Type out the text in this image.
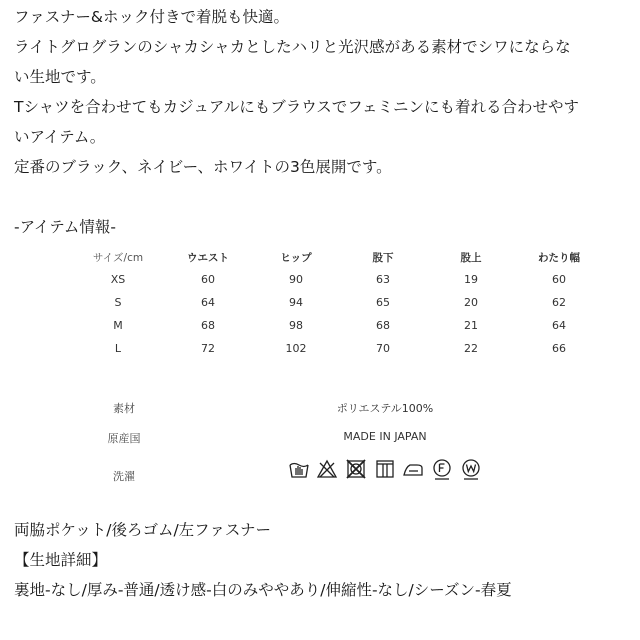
ファスナー&ホック付きで着脱も快適。
ライトグログランのシャカシャカとしたハリと光沢感がある素材でシワにならな
い生地です。
Tシャツを合わせてもカジュアルにもブラウスでフェミニンにも着れる合わせやす
いアイテム。
定番のブラック、ネイビー、ホワイトの3色展開です。
-アイテム情報-
サイズ/cm	ウエスト	ヒップ	股下	股上	わたり幅
XS	60	90	63	19	60
S	64	94	65	20	62
M	68	98	68	21	64
L	72	102	70	22	66
素材	ポリエステル100%
原産国	MADE IN JAPAN
洗濯
両脇ポケット/後ろゴム/左ファスナー
【生地詳細】
裏地-なし/厚み-普通/透け感-白のみややあり/伸縮性-なし/シーズン-春夏
